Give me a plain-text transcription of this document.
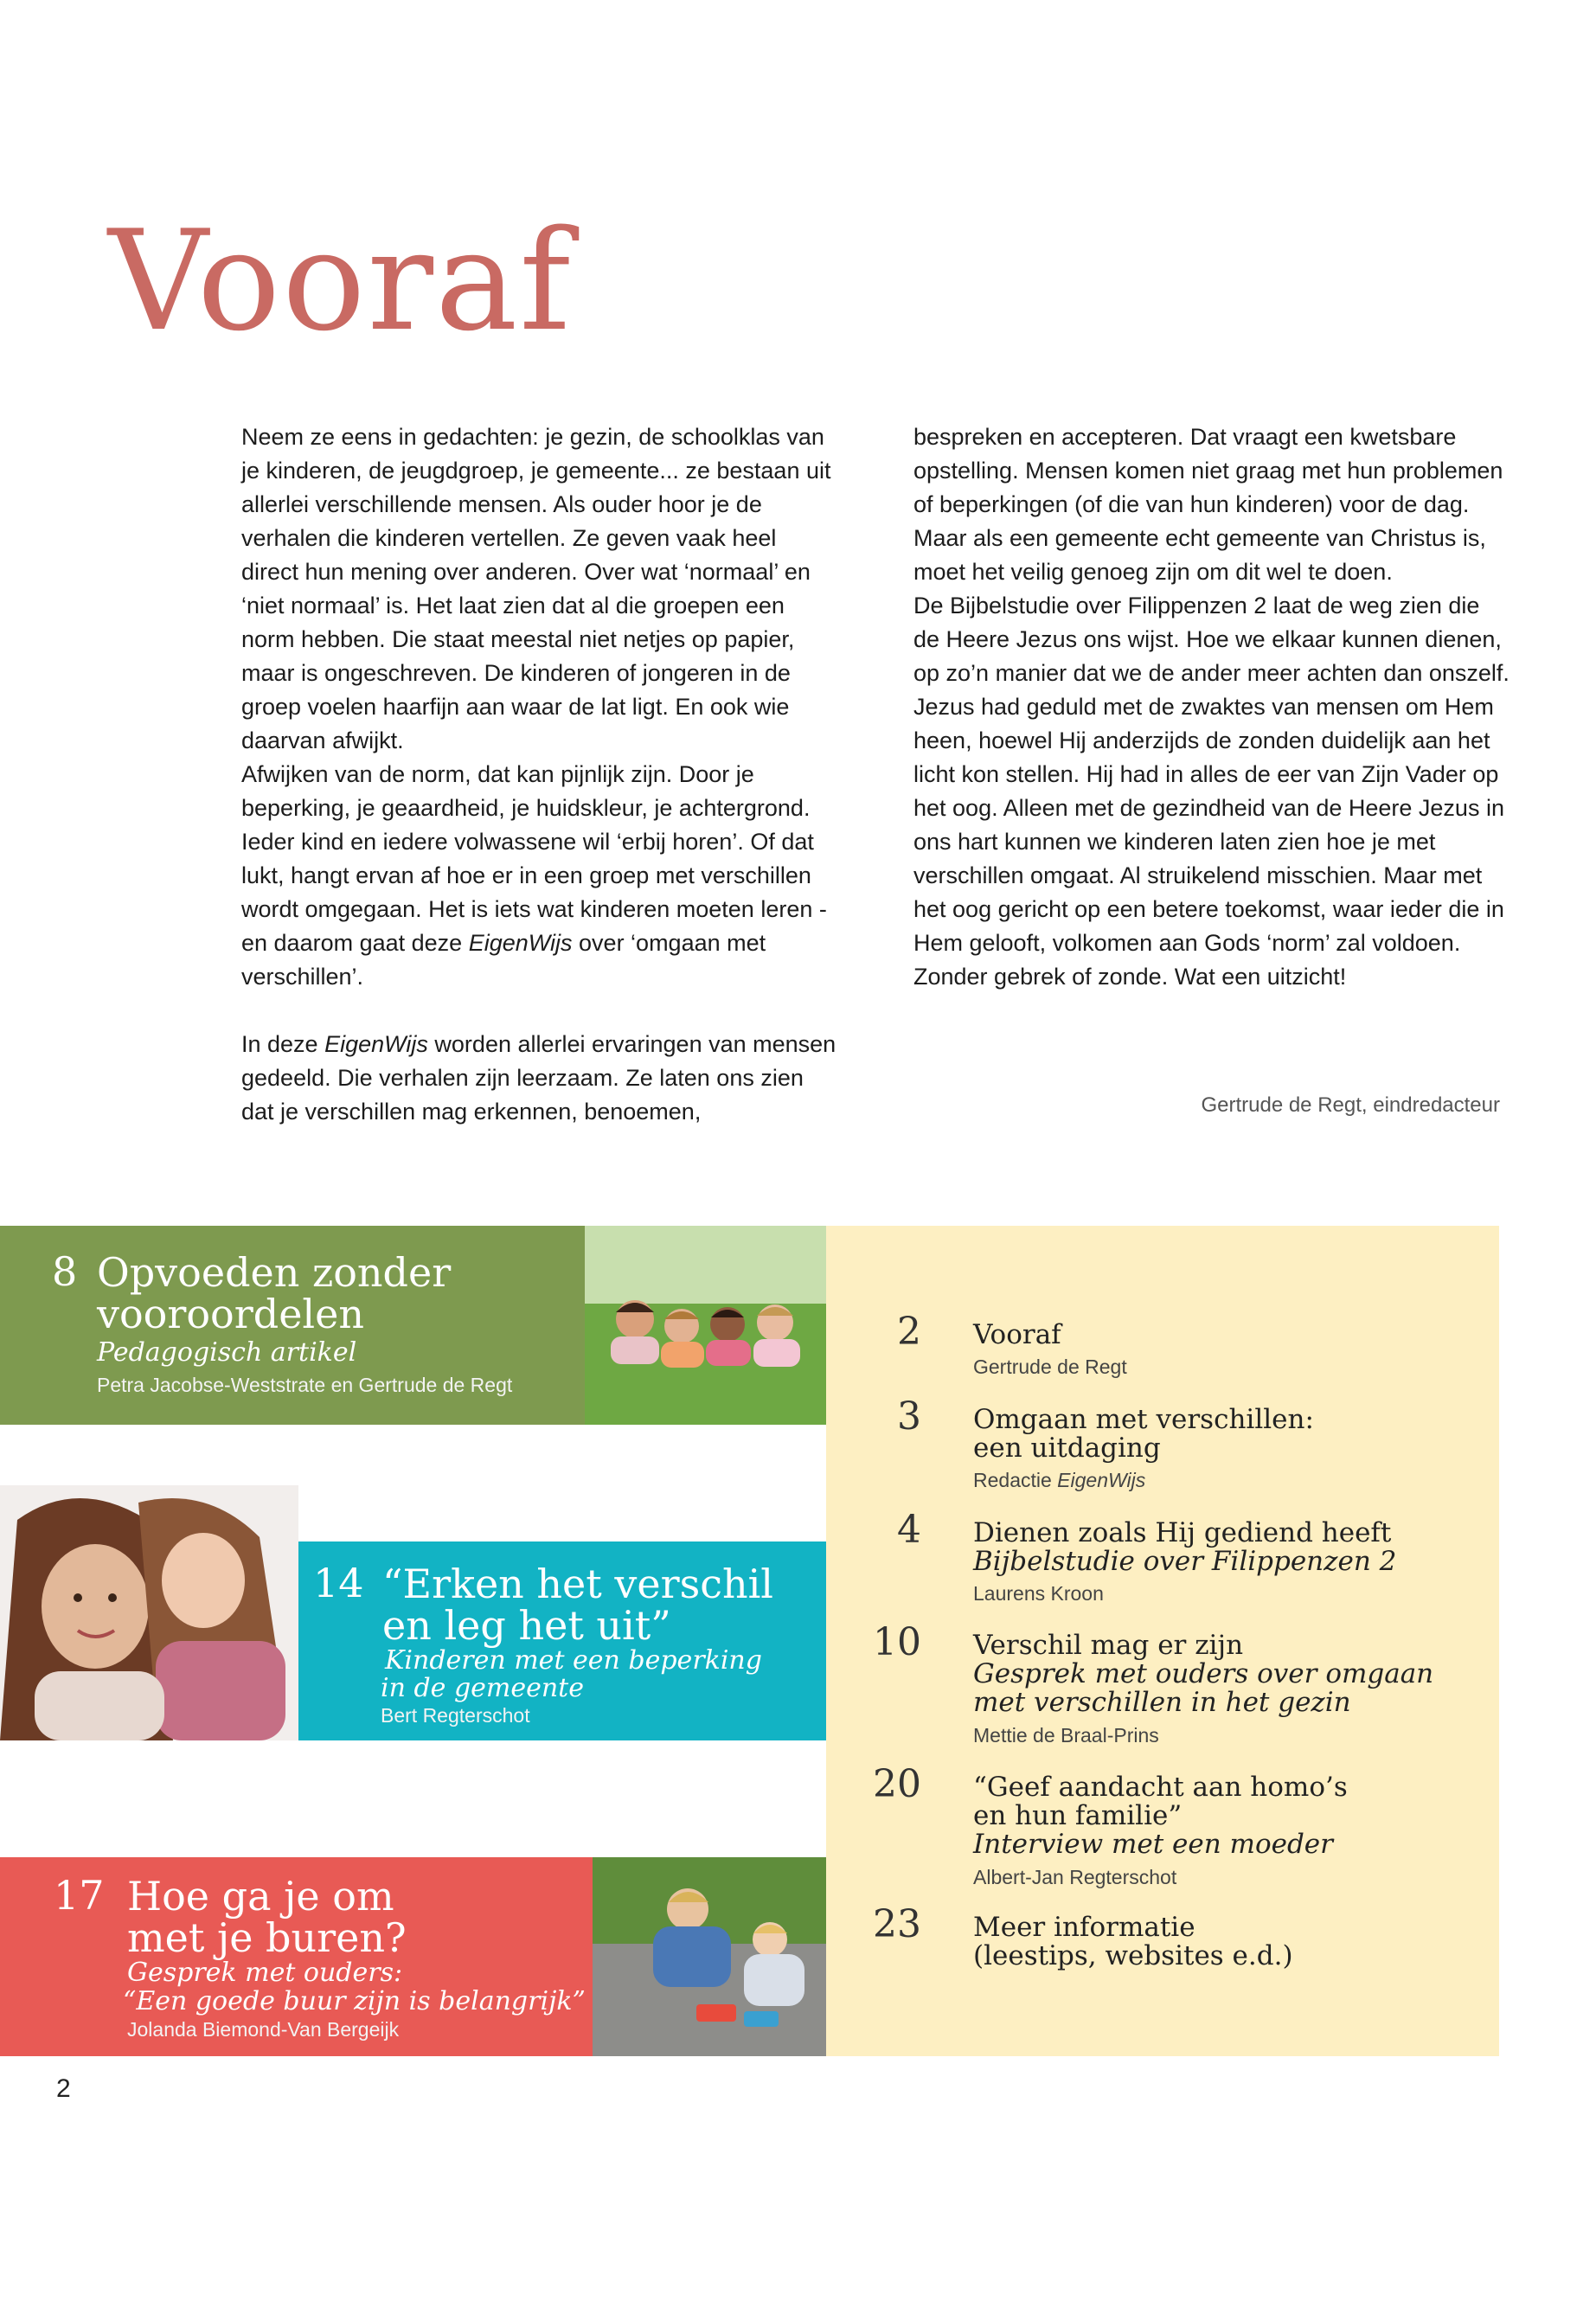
Vooraf

Neem ze eens in gedachten: je gezin, de schoolklas van je kinderen, de jeugdgroep, je gemeente... ze bestaan uit allerlei verschillende mensen. Als ouder hoor je de verhalen die kinderen vertellen. Ze geven vaak heel direct hun mening over anderen. Over wat ‘normaal’ en ‘niet normaal’ is. Het laat zien dat al die groepen een norm hebben. Die staat meestal niet netjes op papier, maar is ongeschreven. De kinderen of jongeren in de groep voelen haarfijn aan waar de lat ligt. En ook wie daarvan afwijkt.

Afwijken van de norm, dat kan pijnlijk zijn. Door je beperking, je geaardheid, je huidskleur, je achtergrond. Ieder kind en iedere volwassene wil ‘erbij horen’. Of dat lukt, hangt ervan af hoe er in een groep met verschillen wordt omgegaan. Het is iets wat kinderen moeten leren - en daarom gaat deze EigenWijs over ‘omgaan met verschillen’.

In deze EigenWijs worden allerlei ervaringen van mensen gedeeld. Die verhalen zijn leerzaam. Ze laten ons zien dat je verschillen mag erkennen, benoemen,

bespreken en accepteren. Dat vraagt een kwetsbare opstelling. Mensen komen niet graag met hun problemen of beperkingen (of die van hun kinderen) voor de dag. Maar als een gemeente echt gemeente van Christus is, moet het veilig genoeg zijn om dit wel te doen.

De Bijbelstudie over Filippenzen 2 laat de weg zien die de Heere Jezus ons wijst. Hoe we elkaar kunnen dienen, op zo’n manier dat we de ander meer achten dan onszelf. Jezus had geduld met de zwaktes van mensen om Hem heen, hoewel Hij anderzijds de zonden duidelijk aan het licht kon stellen. Hij had in alles de eer van Zijn Vader op het oog. Alleen met de gezindheid van de Heere Jezus in ons hart kunnen we kinderen laten zien hoe je met verschillen omgaat. Al struikelend misschien. Maar met het oog gericht op een betere toekomst, waar ieder die in Hem gelooft, volkomen aan Gods ‘norm’ zal voldoen. Zonder gebrek of zonde. Wat een uitzicht!

Gertrude de Regt, eindredacteur
8 Opvoeden zonder
vooroordelen
Pedagogisch artikel
Petra Jacobse-Weststrate en Gertrude de Regt
14 “Erken het verschil
en leg het uit”
Kinderen met een beperking
in de gemeente
Bert Regterschot
17 Hoe ga je om
met je buren?
Gesprek met ouders:
“Een goede buur zijn is belangrijk”
Jolanda Biemond-Van Bergeijk
2 Vooraf
Gertrude de Regt
3 Omgaan met verschillen:
een uitdaging
Redactie EigenWijs
4 Dienen zoals Hij gediend heeft
Bijbelstudie over Filippenzen 2
Laurens Kroon
10 Verschil mag er zijn
Gesprek met ouders over omgaan
met verschillen in het gezin
Mettie de Braal-Prins
20 “Geef aandacht aan homo’s
en hun familie”
Interview met een moeder
Albert-Jan Regterschot
23 Meer informatie
(leestips, websites e.d.)
2
